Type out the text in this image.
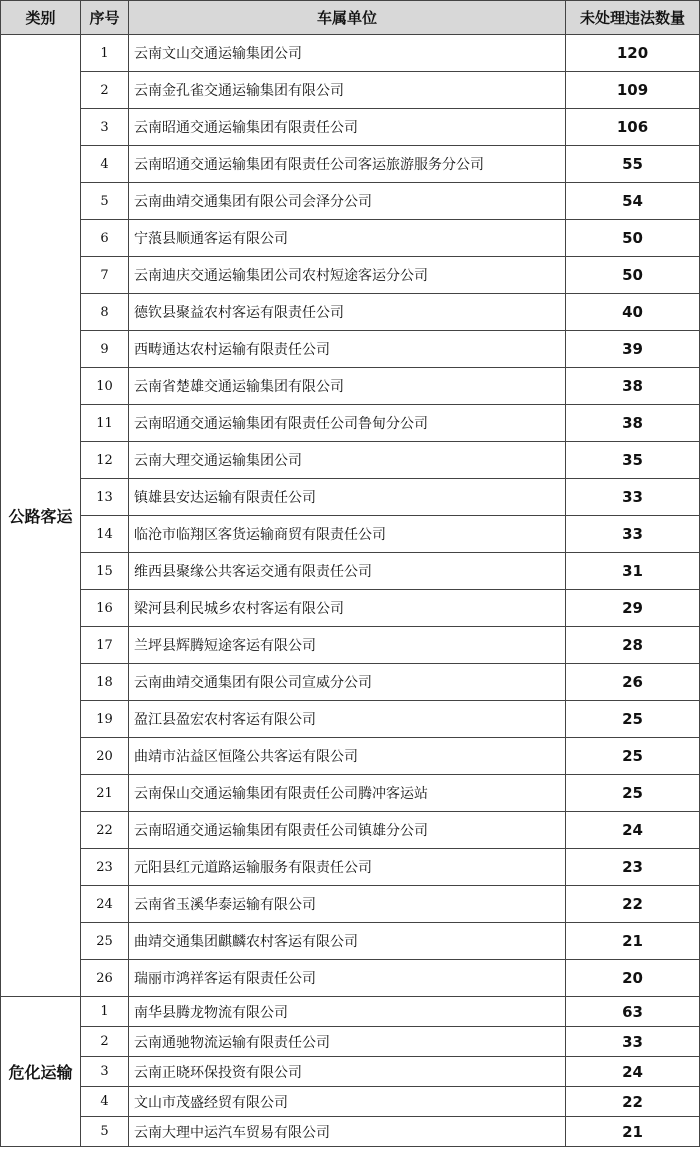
类别	序号	车属单位	未处理违法数量
公路客运	1	云南文山交通运输集团公司	120
	2	云南金孔雀交通运输集团有限公司	109
	3	云南昭通交通运输集团有限责任公司	106
	4	云南昭通交通运输集团有限责任公司客运旅游服务分公司	55
	5	云南曲靖交通集团有限公司会泽分公司	54
	6	宁蒗县顺通客运有限公司	50
	7	云南迪庆交通运输集团公司农村短途客运分公司	50
	8	德钦县聚益农村客运有限责任公司	40
	9	西畴通达农村运输有限责任公司	39
	10	云南省楚雄交通运输集团有限公司	38
	11	云南昭通交通运输集团有限责任公司鲁甸分公司	38
	12	云南大理交通运输集团公司	35
	13	镇雄县安达运输有限责任公司	33
	14	临沧市临翔区客货运输商贸有限责任公司	33
	15	维西县聚缘公共客运交通有限责任公司	31
	16	梁河县利民城乡农村客运有限公司	29
	17	兰坪县辉腾短途客运有限公司	28
	18	云南曲靖交通集团有限公司宣威分公司	26
	19	盈江县盈宏农村客运有限公司	25
	20	曲靖市沾益区恒隆公共客运有限公司	25
	21	云南保山交通运输集团有限责任公司腾冲客运站	25
	22	云南昭通交通运输集团有限责任公司镇雄分公司	24
	23	元阳县红元道路运输服务有限责任公司	23
	24	云南省玉溪华泰运输有限公司	22
	25	曲靖交通集团麒麟农村客运有限公司	21
	26	瑞丽市鸿祥客运有限责任公司	20
危化运输	1	南华县腾龙物流有限公司	63
	2	云南通驰物流运输有限责任公司	33
	3	云南正晓环保投资有限公司	24
	4	文山市茂盛经贸有限公司	22
	5	云南大理中运汽车贸易有限公司	21
